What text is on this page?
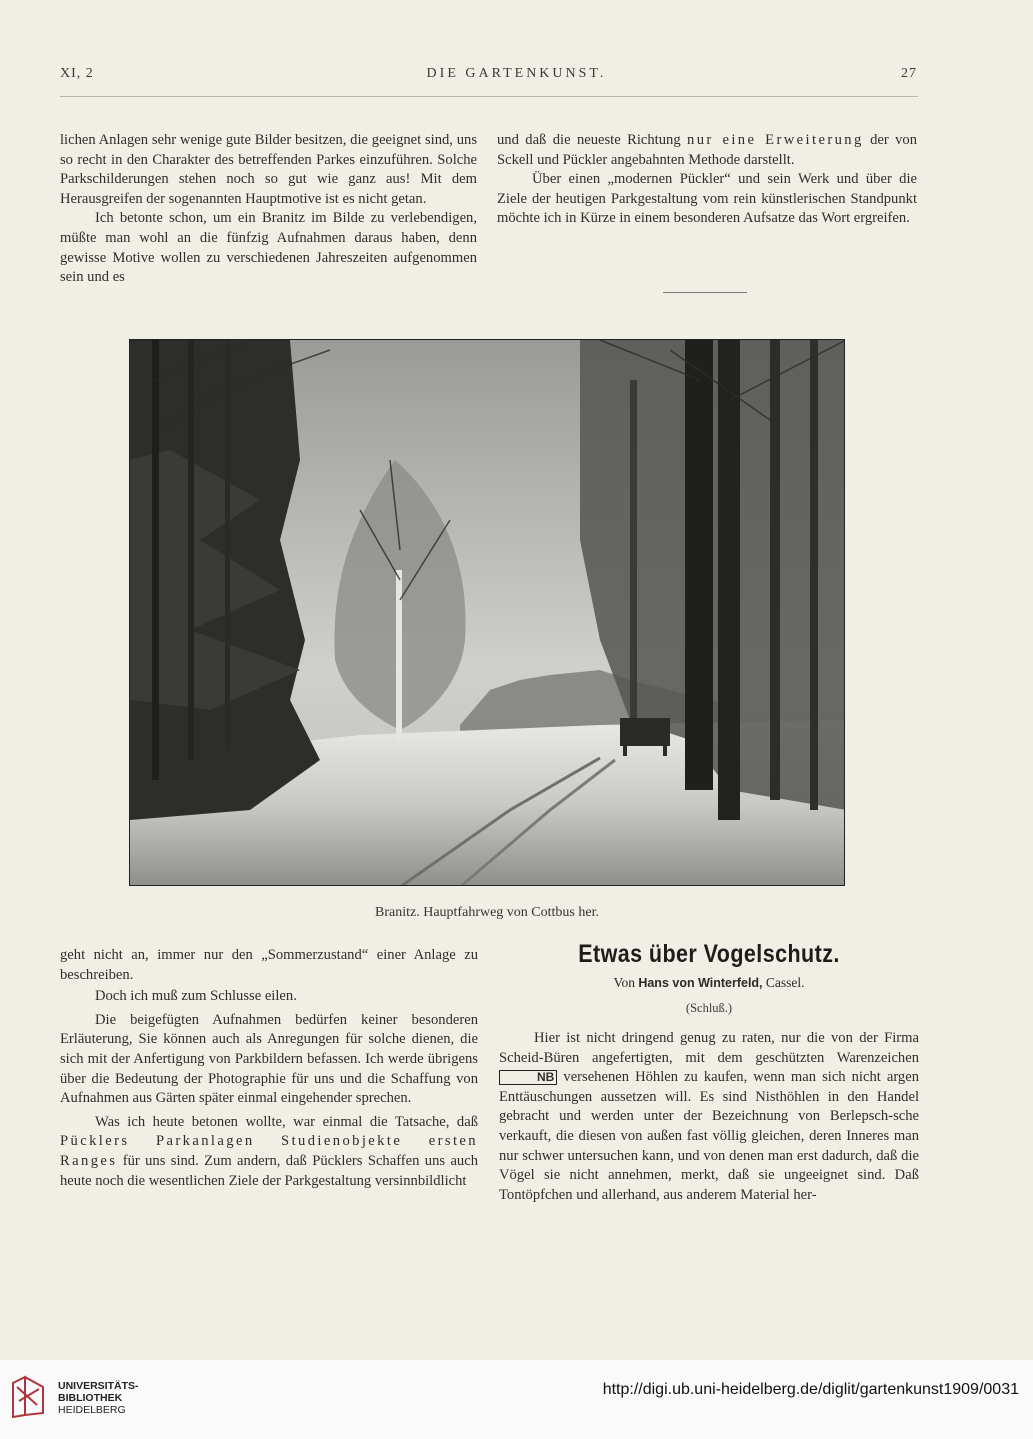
XI, 2	DIE GARTENKUNST.	27

lichen Anlagen sehr wenige gute Bilder besitzen, die geeignet sind, uns so recht in den Charakter des betreffenden Parkes einzuführen. Solche Parkschilderungen stehen noch so gut wie ganz aus! Mit dem Herausgreifen der sogenannten Hauptmotive ist es nicht getan.

Ich betonte schon, um ein Branitz im Bilde zu verlebendigen, müßte man wohl an die fünfzig Aufnahmen daraus haben, denn gewisse Motive wollen zu verschiedenen Jahreszeiten aufgenommen sein und es

und daß die neueste Richtung nur eine Erweiterung der von Sckell und Pückler angebahnten Methode darstellt.

Über einen „modernen Pückler“ und sein Werk und über die Ziele der heutigen Parkgestaltung vom rein künstlerischen Standpunkt möchte ich in Kürze in einem besonderen Aufsatze das Wort ergreifen.

Branitz. Hauptfahrweg von Cottbus her.

geht nicht an, immer nur den „Sommerzustand“ einer Anlage zu beschreiben.

Doch ich muß zum Schlusse eilen.

Die beigefügten Aufnahmen bedürfen keiner besonderen Erläuterung, Sie können auch als Anregungen für solche dienen, die sich mit der Anfertigung von Parkbildern befassen. Ich werde übrigens über die Bedeutung der Photographie für uns und die Schaffung von Aufnahmen aus Gärten später einmal eingehender sprechen.

Was ich heute betonen wollte, war einmal die Tatsache, daß Pücklers Parkanlagen Studienobjekte ersten Ranges für uns sind. Zum andern, daß Pücklers Schaffen uns auch heute noch die wesentlichen Ziele der Parkgestaltung versinnbildlicht

Etwas über Vogelschutz.
Von Hans von Winterfeld, Cassel.
(Schluß.)

Hier ist nicht dringend genug zu raten, nur die von der Firma Scheid-Büren angefertigten, mit dem geschützten Warenzeichen NB versehenen Höhlen zu kaufen, wenn man sich nicht argen Enttäuschungen aussetzen will. Es sind Nisthöhlen in den Handel gebracht und werden unter der Bezeichnung von Berlepsch-sche verkauft, die diesen von außen fast völlig gleichen, deren Inneres man nur schwer untersuchen kann, und von denen man erst dadurch, daß die Vögel sie nicht annehmen, merkt, daß sie ungeeignet sind. Daß Tontöpfchen und allerhand, aus anderem Material her-

UNIVERSITÄTS-
BIBLIOTHEK
HEIDELBERG
http://digi.ub.uni-heidelberg.de/diglit/gartenkunst1909/0031
